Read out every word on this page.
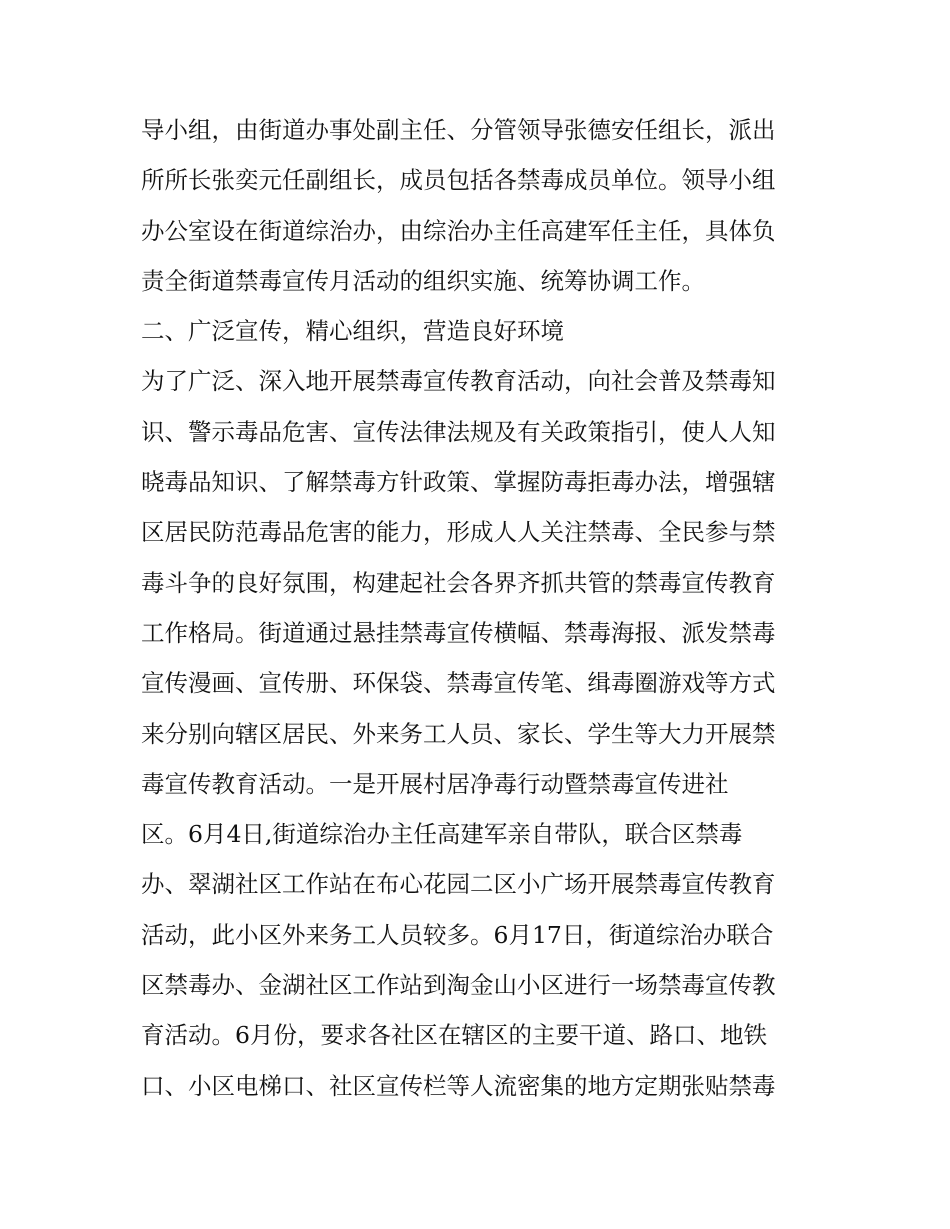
导小组，由街道办事处副主任、分管领导张德安任组长，派出
所所长张奕元任副组长，成员包括各禁毒成员单位。领导小组
办公室设在街道综治办，由综治办主任高建军任主任，具体负
责全街道禁毒宣传月活动的组织实施、统筹协调工作。
二、广泛宣传，精心组织，营造良好环境
为了广泛、深入地开展禁毒宣传教育活动，向社会普及禁毒知
识、警示毒品危害、宣传法律法规及有关政策指引，使人人知
晓毒品知识、了解禁毒方针政策、掌握防毒拒毒办法，增强辖
区居民防范毒品危害的能力，形成人人关注禁毒、全民参与禁
毒斗争的良好氛围，构建起社会各界齐抓共管的禁毒宣传教育
工作格局。街道通过悬挂禁毒宣传横幅、禁毒海报、派发禁毒
宣传漫画、宣传册、环保袋、禁毒宣传笔、缉毒圈游戏等方式
来分别向辖区居民、外来务工人员、家长、学生等大力开展禁
毒宣传教育活动。一是开展村居净毒行动暨禁毒宣传进社
区。6月4日,街道综治办主任高建军亲自带队，联合区禁毒
办、翠湖社区工作站在布心花园二区小广场开展禁毒宣传教育
活动，此小区外来务工人员较多。6月17日，街道综治办联合
区禁毒办、金湖社区工作站到淘金山小区进行一场禁毒宣传教
育活动。6月份，要求各社区在辖区的主要干道、路口、地铁
口、小区电梯口、社区宣传栏等人流密集的地方定期张贴禁毒
